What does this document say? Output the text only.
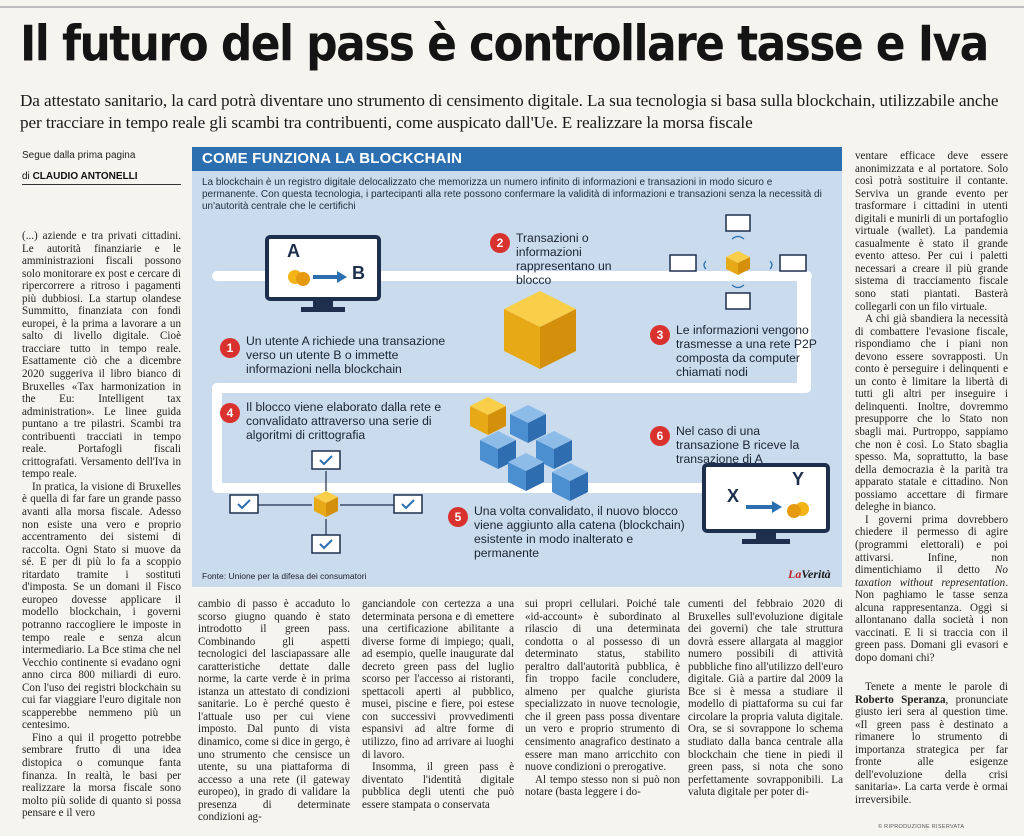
Il futuro del pass è controllare tasse e Iva
Da attestato sanitario, la card potrà diventare uno strumento di censimento digitale. La sua tecnologia si basa sulla blockchain, utilizzabile anche per tracciare in tempo reale gli scambi tra contribuenti, come auspicato dall'Ue. E realizzare la morsa fiscale
Segue dalla prima pagina
di CLAUDIO ANTONELLI

(...) aziende e tra privati cittadini. Le autorità finanziarie e le amministrazioni fiscali possono solo monitorare ex post e cercare di ripercorrere a ritroso i pagamenti più dubbiosi. La startup olandese Summitto, finanziata con fondi europei, è la prima a lavorare a un salto di livello digitale. Cioè tracciare tutto in tempo reale. Esattamente ciò che a dicembre 2020 suggeriva il libro bianco di Bruxelles «Tax harmonization in the Eu: Intelligent tax administration». Le linee guida puntano a tre pilastri. Scambi tra contribuenti tracciati in tempo reale. Portafogli fiscali crittografati. Versamento dell'Iva in tempo reale.

In pratica, la visione di Bruxelles è quella di far fare un grande passo avanti alla morsa fiscale. Adesso non esiste una vero e proprio accentramento dei sistemi di raccolta. Ogni Stato si muove da sé. E per di più lo fa a scoppio ritardato tramite i sostituti d'imposta. Se un domani il Fisco europeo dovesse applicare il modello blockchain, i governi potranno raccogliere le imposte in tempo reale e senza alcun intermediario. La Bce stima che nel Vecchio continente si evadano ogni anno circa 800 miliardi di euro. Con l'uso dei registri blockchain su cui far viaggiare l'euro digitale non scapperebbe nemmeno più un centesimo.

Fino a qui il progetto potrebbe sembrare frutto di una idea distopica o comunque fanta finanza. In realtà, le basi per realizzare la morsa fiscale sono molto più solide di quanto si possa pensare e il vero

COME FUNZIONA LA BLOCKCHAIN
La blockchain è un registro digitale delocalizzato che memorizza un numero infinito di informazioni e transazioni in modo sicuro e permanente. Con questa tecnologia, i partecipanti alla rete possono confermare la validità di informazioni e transazioni senza la necessità di un'autorità centrale che le certifichi
A
B
X
Y
1	Un utente A richiede una transazione verso un utente B o immette informazioni nella blockchain
2	Transazioni o informazioni rappresentano un blocco
3	Le informazioni vengono trasmesse a una rete P2P composta da computer chiamati nodi
4	Il blocco viene elaborato dalla rete e convalidato attraverso una serie di algoritmi di crittografia
5	Una volta convalidato, il nuovo blocco viene aggiunto alla catena (blockchain) esistente in modo inalterato e permanente
6	Nel caso di una transazione B riceve la transazione di A
Fonte: Unione per la difesa dei consumatori	LaVerità

cambio di passo è accaduto lo scorso giugno quando è stato introdotto il green pass. Combinando gli aspetti tecnologici del lasciapassare alle caratteristiche dettate dalle norme, la carte verde è in prima istanza un attestato di condizioni sanitarie. Lo è perché questo è l'attuale uso per cui viene imposto. Dal punto di vista dinamico, come si dice in gergo, è uno strumento che censisce un utente, su una piattaforma di accesso a una rete (il gateway europeo), in grado di validare la presenza di determinate condizioni ag-

ganciandole con certezza a una determinata persona e di emettere una certificazione abilitante a diverse forme di impiego; quali, ad esempio, quelle inaugurate dal decreto green pass del luglio scorso per l'accesso ai ristoranti, spettacoli aperti al pubblico, musei, piscine e fiere, poi estese con successivi provvedimenti espansivi ad altre forme di utilizzo, fino ad arrivare ai luoghi di lavoro.

Insomma, il green pass è diventato l'identità digitale pubblica degli utenti che può essere stampata o conservata

sui propri cellulari. Poiché tale «id-account» è subordinato al rilascio di una determinata condotta o al possesso di un determinato status, stabilito peraltro dall'autorità pubblica, è fin troppo facile concludere, almeno per qualche giurista specializzato in nuove tecnologie, che il green pass possa diventare un vero e proprio strumento di censimento anagrafico destinato a essere man mano arricchito con nuove condizioni o prerogative.

Al tempo stesso non si può non notare (basta leggere i do-

cumenti del febbraio 2020 di Bruxelles sull'evoluzione digitale dei governi) che tale struttura dovrà essere allargata al maggior numero possibili di attività pubbliche fino all'utilizzo dell'euro digitale. Già a partire dal 2009 la Bce si è messa a studiare il modello di piattaforma su cui far circolare la propria valuta digitale. Ora, se si sovrappone lo schema studiato dalla banca centrale alla blockchain che tiene in piedi il green pass, si nota che sono perfettamente sovrapponibili. La valuta digitale per poter di-

ventare efficace deve essere anonimizzata e al portatore. Solo così potrà sostituire il contante. Serviva un grande evento per trasformare i cittadini in utenti digitali e munirli di un portafoglio virtuale (wallet). La pandemia casualmente è stato il grande evento atteso. Per cui i paletti necessari a creare il più grande sistema di tracciamento fiscale sono stati piantati. Basterà collegarli con un filo virtuale.

A chi già sbandiera la necessità di combattere l'evasione fiscale, rispondiamo che i piani non devono essere sovrapposti. Un conto è perseguire i delinquenti e un conto è limitare la libertà di tutti gli altri per inseguire i delinquenti. Inoltre, dovremmo presupporre che lo Stato non sbagli mai. Purtroppo, sappiamo che non è così. Lo Stato sbaglia spesso. Ma, soprattutto, la base della democrazia è la parità tra apparato statale e cittadino. Non possiamo accettare di firmare deleghe in bianco.

I governi prima dovrebbero chiedere il permesso di agire (programmi elettorali) e poi attivarsi. Infine, non dimentichiamo il detto No taxation without representation. Non paghiamo le tasse senza alcuna rappresentanza. Oggi si allontanano dalla società i non vaccinati. E li si traccia con il green pass. Domani gli evasori e dopo domani chi?

Tenete a mente le parole di Roberto Speranza, pronunciate giusto ieri sera al question time. «Il green pass è destinato a rimanere lo strumento di importanza strategica per far fronte alle esigenze dell'evoluzione della crisi sanitaria». La carta verde è ormai irreversibile.

© RIPRODUZIONE RISERVATA
